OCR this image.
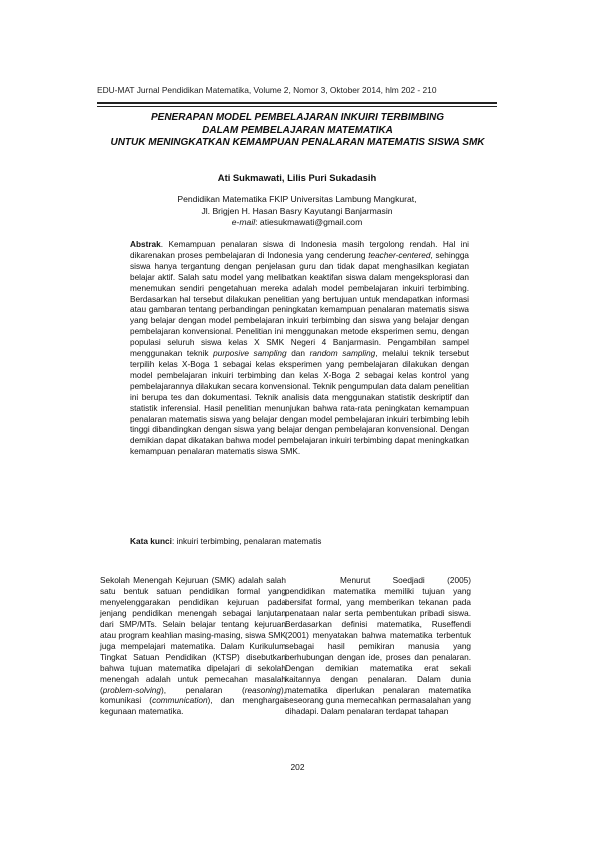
EDU-MAT Jurnal Pendidikan Matematika, Volume 2, Nomor 3, Oktober 2014, hlm 202 - 210
PENERAPAN MODEL PEMBELAJARAN INKUIRI TERBIMBING
DALAM PEMBELAJARAN MATEMATIKA
UNTUK MENINGKATKAN KEMAMPUAN PENALARAN MATEMATIS SISWA SMK
Ati Sukmawati, Lilis Puri Sukadasih
Pendidikan Matematika FKIP Universitas Lambung Mangkurat,
Jl. Brigjen H. Hasan Basry Kayutangi Banjarmasin
e-mail: atiesukmawati@gmail.com
Abstrak. Kemampuan penalaran siswa di Indonesia masih tergolong rendah. Hal ini dikarenakan proses pembelajaran di Indonesia yang cenderung teacher-centered, sehingga siswa hanya tergantung dengan penjelasan guru dan tidak dapat menghasilkan kegiatan belajar aktif. Salah satu model yang melibatkan keaktifan siswa dalam mengeksplorasi dan menemukan sendiri pengetahuan mereka adalah model pembelajaran inkuiri terbimbing. Berdasarkan hal tersebut dilakukan penelitian yang bertujuan untuk mendapatkan informasi atau gambaran tentang perbandingan peningkatan kemampuan penalaran matematis siswa yang belajar dengan model pembelajaran inkuiri terbimbing dan siswa yang belajar dengan pembelajaran konvensional. Penelitian ini menggunakan metode eksperimen semu, dengan populasi seluruh siswa kelas X SMK Negeri 4 Banjarmasin. Pengambilan sampel menggunakan teknik purposive sampling dan random sampling, melalui teknik tersebut terpilih kelas X-Boga 1 sebagai kelas eksperimen yang pembelajaran dilakukan dengan model pembelajaran inkuiri terbimbing dan kelas X-Boga 2 sebagai kelas kontrol yang pembelajarannya dilakukan secara konvensional. Teknik pengumpulan data dalam penelitian ini berupa tes dan dokumentasi. Teknik analisis data menggunakan statistik deskriptif dan statistik inferensial. Hasil penelitian menunjukan bahwa rata-rata peningkatan kemampuan penalaran matematis siswa yang belajar dengan model pembelajaran inkuiri terbimbing lebih tinggi dibandingkan dengan siswa yang belajar dengan pembelajaran konvensional. Dengan demikian dapat dikatakan bahwa model pembelajaran inkuiri terbimbing dapat meningkatkan kemampuan penalaran matematis siswa SMK.
Kata kunci: inkuiri terbimbing, penalaran matematis
Sekolah Menengah Kejuruan (SMK) adalah salah satu bentuk satuan pendidikan formal yang menyelenggarakan pendidikan kejuruan pada jenjang pendidikan menengah sebagai lanjutan dari SMP/MTs. Selain belajar tentang kejuruan atau program keahlian masing-masing, siswa SMK juga mempelajari matematika. Dalam Kurikulum Tingkat Satuan Pendidikan (KTSP) disebutkan bahwa tujuan matematika dipelajari di sekolah menengah adalah untuk pemecahan masalah (problem-solving), penalaran (reasoning), komunikasi (communication), dan menghargai kegunaan matematika.
Menurut Soedjadi (2005) pendidikan matematika memiliki tujuan yang bersifat formal, yang memberikan tekanan pada penataan nalar serta pembentukan pribadi siswa. Berdasarkan definisi matematika, Ruseffendi (2001) menyatakan bahwa matematika terbentuk sebagai hasil pemikiran manusia yang berhubungan dengan ide, proses dan penalaran. Dengan demikian matematika erat sekali kaitannya dengan penalaran. Dalam dunia matematika diperlukan penalaran matematika seseorang guna memecahkan permasalahan yang dihadapi. Dalam penalaran terdapat tahapan
202
